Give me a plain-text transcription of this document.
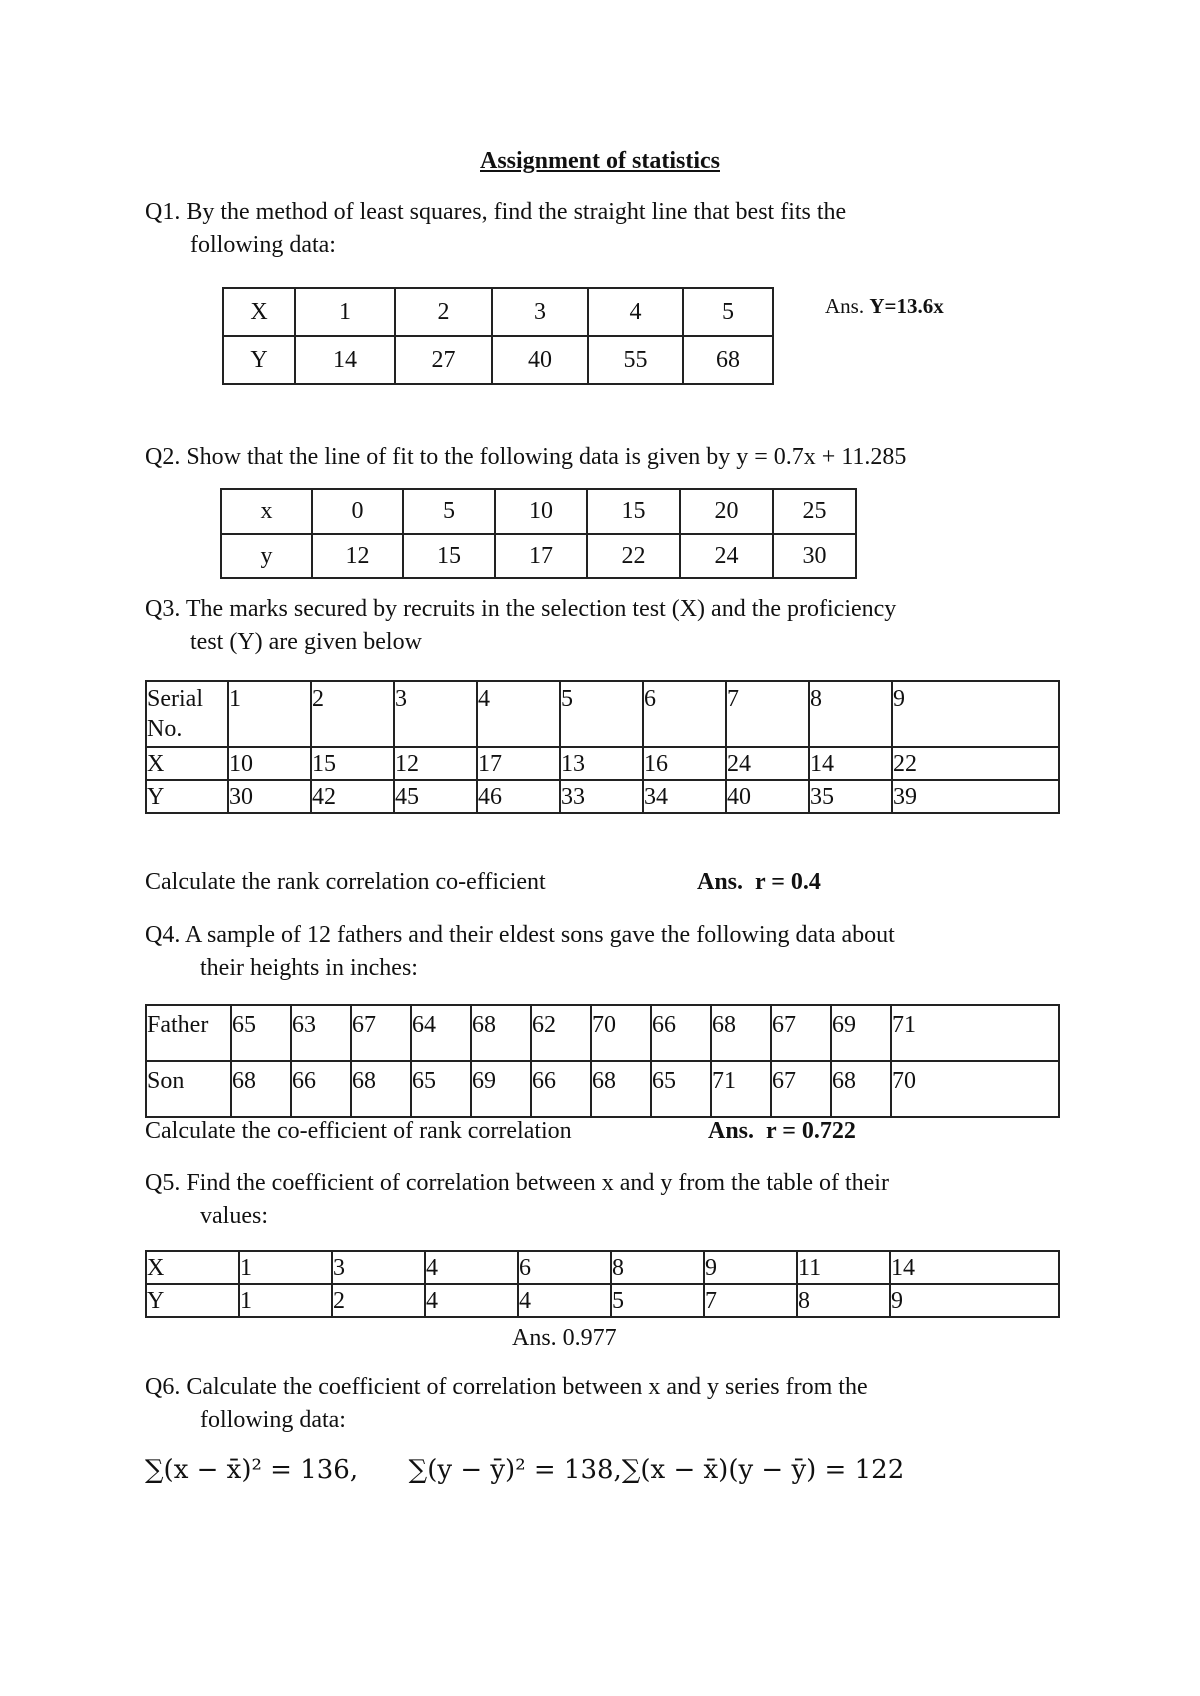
Assignment of statistics
Q1. By the method of least squares, find the straight line that best fits the
following data:
X	1	2	3	4	5
Y	14	27	40	55	68
Ans. Y=13.6x
Q2. Show that the line of fit to the following data is given by y = 0.7x + 11.285
x	0	5	10	15	20	25
y	12	15	17	22	24	30
Q3. The marks secured by recruits in the selection test (X) and the proficiency
test (Y) are given below
Serial
No.	1	2	3	4	5	6	7	8	9
X	10	15	12	17	13	16	24	14	22
Y	30	42	45	46	33	34	40	35	39
Calculate the rank correlation co-efficient	Ans.  r = 0.4
Q4. A sample of 12 fathers and their eldest sons gave the following data about
their heights in inches:
Father	65	63	67	64	68	62	70	66	68	67	69	71
Son	68	66	68	65	69	66	68	65	71	67	68	70
Calculate the co-efficient of rank correlation	Ans.  r = 0.722
Q5. Find the coefficient of correlation between x and y from the table of their
values:
X	1	3	4	6	8	9	11	14
Y	1	2	4	4	5	7	8	9
Ans. 0.977
Q6. Calculate the coefficient of correlation between x and y series from the
following data:
∑(x − x̄)² = 136, ∑(y − ȳ)² = 138,∑(x − x̄)(y − ȳ) = 122
